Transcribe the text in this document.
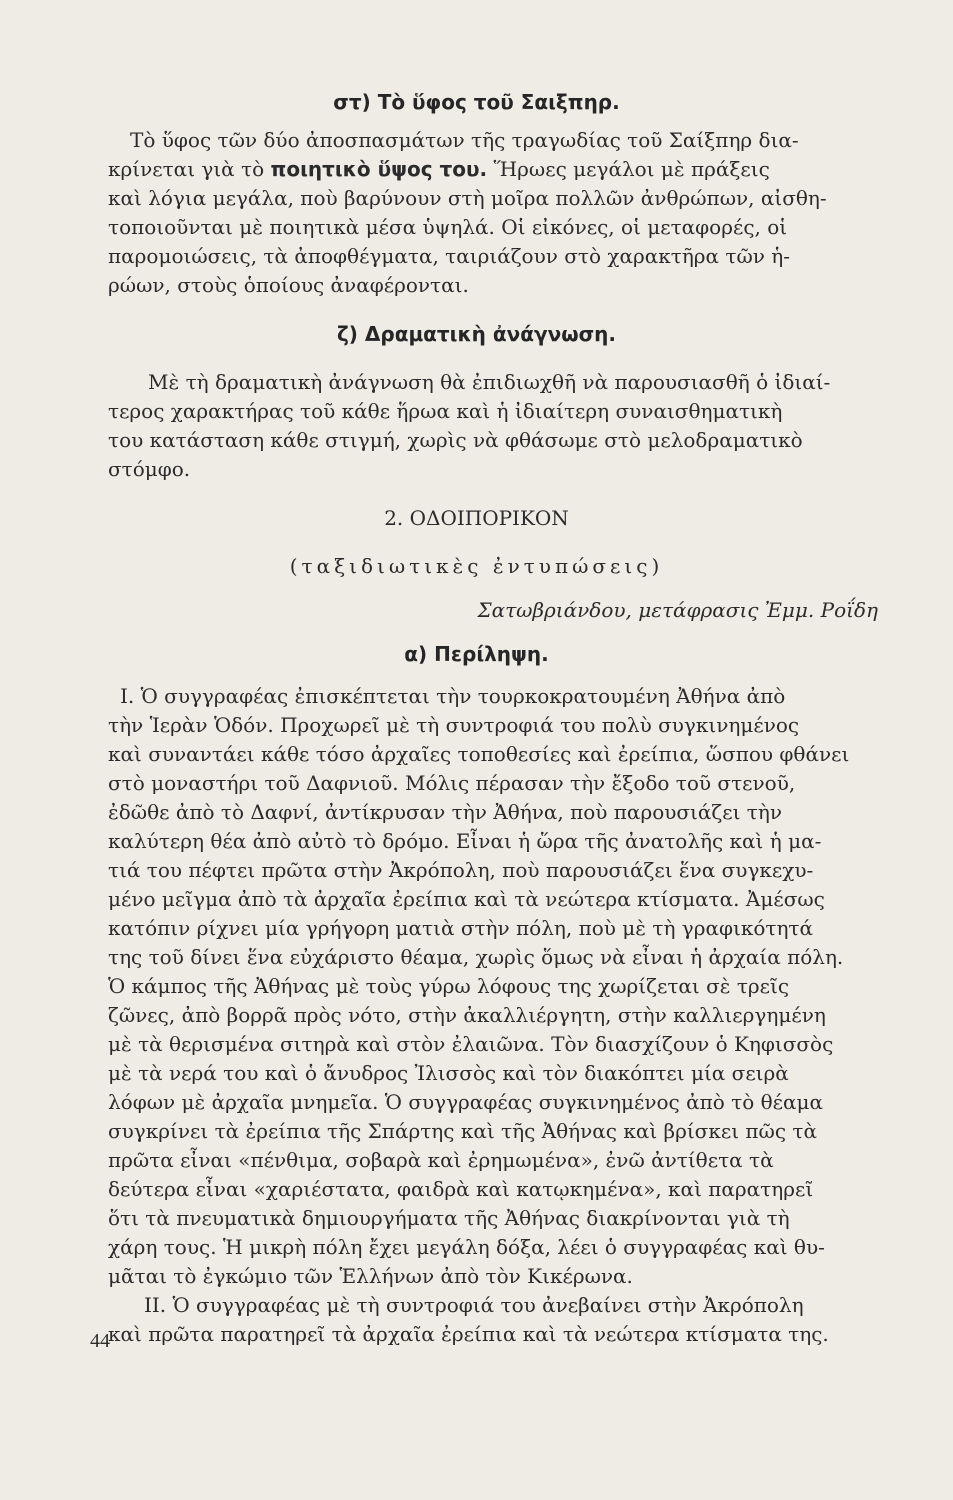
στ) Τὸ ὕφος τοῦ Σαιξπηρ.
Τὸ ὕφος τῶν δύο ἀποσπασμάτων τῆς τραγωδίας τοῦ Σαίξπηρ δια-
κρίνεται γιὰ τὸ ποιητικὸ ὕψος του. Ἥρωες μεγάλοι μὲ πράξεις
καὶ λόγια μεγάλα, ποὺ βαρύνουν στὴ μοῖρα πολλῶν ἀνθρώπων, αἰσθη-
τοποιοῦνται μὲ ποιητικὰ μέσα ὑψηλά. Οἱ εἰκόνες, οἱ μεταφορές, οἱ
παρομοιώσεις, τὰ ἀποφθέγματα, ταιριάζουν στὸ χαρακτῆρα τῶν ἡ-
ρώων, στοὺς ὁποίους ἀναφέρονται.
ζ) Δραματικὴ ἀνάγνωση.
Μὲ τὴ δραματικὴ ἀνάγνωση θὰ ἐπιδιωχθῆ νὰ παρουσιασθῆ ὁ ἰδιαί-
τερος χαρακτήρας τοῦ κάθε ἥρωα καὶ ἡ ἰδιαίτερη συναισθηματικὴ
του κατάσταση κάθε στιγμή, χωρὶς νὰ φθάσωμε στὸ μελοδραματικὸ
στόμφο.

2. ΟΔΟΙΠΟΡΙΚΟΝ

(ταξιδιωτικὲς ἐντυπώσεις)

Σατωβριάνδου, μετάφρασις Ἐμμ. Ροΐδη

α) Περίληψη.
I. Ὁ συγγραφέας ἐπισκέπτεται τὴν τουρκοκρατουμένη Ἀθήνα ἀπὸ
τὴν Ἱερὰν Ὁδόν. Προχωρεῖ μὲ τὴ συντροφιά του πολὺ συγκινημένος
καὶ συναντάει κάθε τόσο ἀρχαῖες τοποθεσίες καὶ ἐρείπια, ὥσπου φθάνει
στὸ μοναστήρι τοῦ Δαφνιοῦ. Μόλις πέρασαν τὴν ἔξοδο τοῦ στενοῦ,
ἐδῶθε ἀπὸ τὸ Δαφνί, ἀντίκρυσαν τὴν Ἀθήνα, ποὺ παρουσιάζει τὴν
καλύτερη θέα ἀπὸ αὐτὸ τὸ δρόμο. Εἶναι ἡ ὥρα τῆς ἀνατολῆς καὶ ἡ μα-
τιά του πέφτει πρῶτα στὴν Ἀκρόπολη, ποὺ παρουσιάζει ἕνα συγκεχυ-
μένο μεῖγμα ἀπὸ τὰ ἀρχαῖα ἐρείπια καὶ τὰ νεώτερα κτίσματα. Ἀμέσως
κατόπιν ρίχνει μία γρήγορη ματιὰ στὴν πόλη, ποὺ μὲ τὴ γραφικότητά
της τοῦ δίνει ἕνα εὐχάριστο θέαμα, χωρὶς ὅμως νὰ εἶναι ἡ ἀρχαία πόλη.
Ὁ κάμπος τῆς Ἀθήνας μὲ τοὺς γύρω λόφους της χωρίζεται σὲ τρεῖς
ζῶνες, ἀπὸ βορρᾶ πρὸς νότο, στὴν ἀκαλλιέργητη, στὴν καλλιεργημένη
μὲ τὰ θερισμένα σιτηρὰ καὶ στὸν ἐλαιῶνα. Τὸν διασχίζουν ὁ Κηφισσὸς
μὲ τὰ νερά του καὶ ὁ ἄνυδρος Ἰλισσὸς καὶ τὸν διακόπτει μία σειρὰ
λόφων μὲ ἀρχαῖα μνημεῖα. Ὁ συγγραφέας συγκινημένος ἀπὸ τὸ θέαμα
συγκρίνει τὰ ἐρείπια τῆς Σπάρτης καὶ τῆς Ἀθήνας καὶ βρίσκει πῶς τὰ
πρῶτα εἶναι «πένθιμα, σοβαρὰ καὶ ἐρημωμένα», ἐνῶ ἀντίθετα τὰ
δεύτερα εἶναι «χαριέστατα, φαιδρὰ καὶ κατῳκημένα», καὶ παρατηρεῖ
ὅτι τὰ πνευματικὰ δημιουργήματα τῆς Ἀθήνας διακρίνονται γιὰ τὴ
χάρη τους. Ἡ μικρὴ πόλη ἔχει μεγάλη δόξα, λέει ὁ συγγραφέας καὶ θυ-
μᾶται τὸ ἐγκώμιο τῶν Ἑλλήνων ἀπὸ τὸν Κικέρωνα.
II. Ὁ συγγραφέας μὲ τὴ συντροφιά του ἀνεβαίνει στὴν Ἀκρόπολη
καὶ πρῶτα παρατηρεῖ τὰ ἀρχαῖα ἐρείπια καὶ τὰ νεώτερα κτίσματα της.

44
